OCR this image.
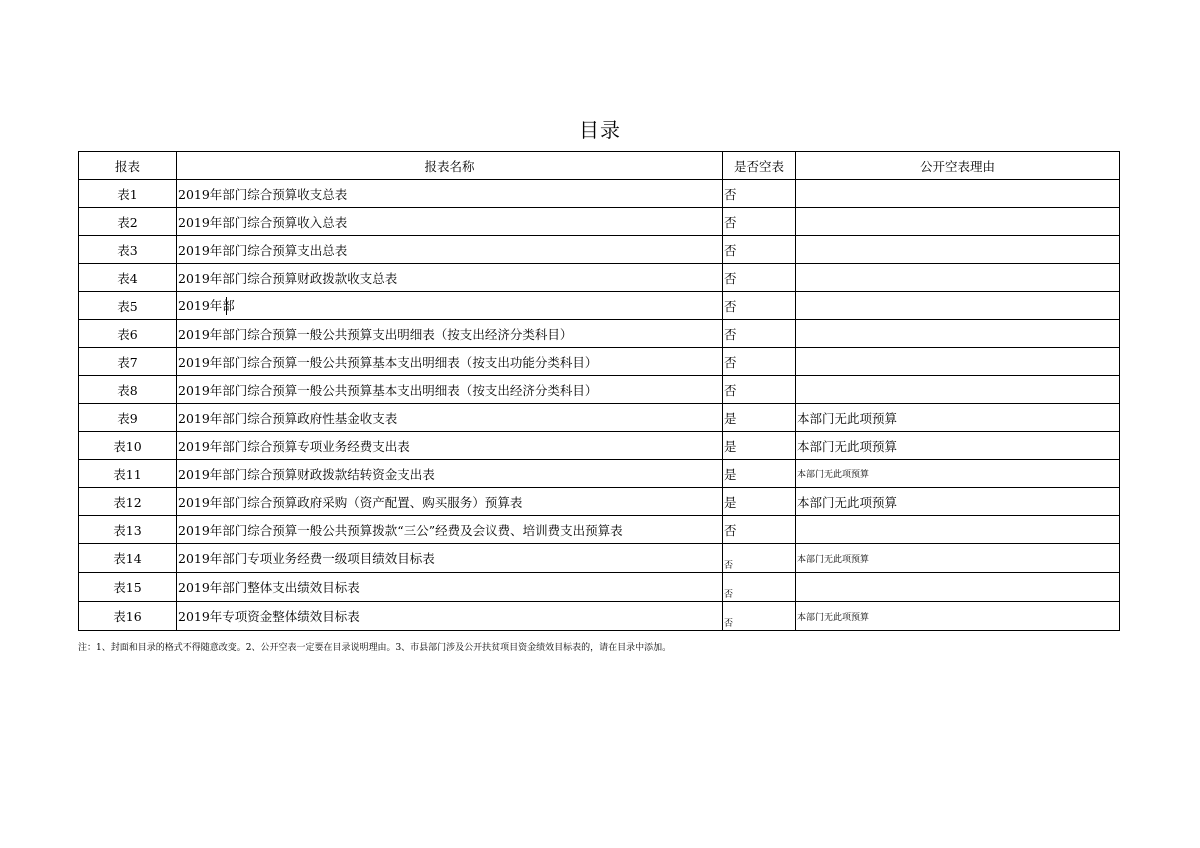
目录
报表	报表名称	是否空表	公开空表理由
表1	2019年部门综合预算收支总表	否	
表2	2019年部门综合预算收入总表	否	
表3	2019年部门综合预算支出总表	否	
表4	2019年部门综合预算财政拨款收支总表	否	
表5	2019年部	否	
表6	2019年部门综合预算一般公共预算支出明细表（按支出经济分类科目）	否	
表7	2019年部门综合预算一般公共预算基本支出明细表（按支出功能分类科目）	否	
表8	2019年部门综合预算一般公共预算基本支出明细表（按支出经济分类科目）	否	
表9	2019年部门综合预算政府性基金收支表	是	本部门无此项预算
表10	2019年部门综合预算专项业务经费支出表	是	本部门无此项预算
表11	2019年部门综合预算财政拨款结转资金支出表	是	本部门无此项预算
表12	2019年部门综合预算政府采购（资产配置、购买服务）预算表	是	本部门无此项预算
表13	2019年部门综合预算一般公共预算拨款“三公”经费及会议费、培训费支出预算表	否	
表14	2019年部门专项业务经费一级项目绩效目标表	否	本部门无此项预算
表15	2019年部门整体支出绩效目标表	否	
表16	2019年专项资金整体绩效目标表	否	本部门无此项预算
注：1、封面和目录的格式不得随意改变。2、公开空表一定要在目录说明理由。3、市县部门涉及公开扶贫项目资金绩效目标表的，请在目录中添加。
